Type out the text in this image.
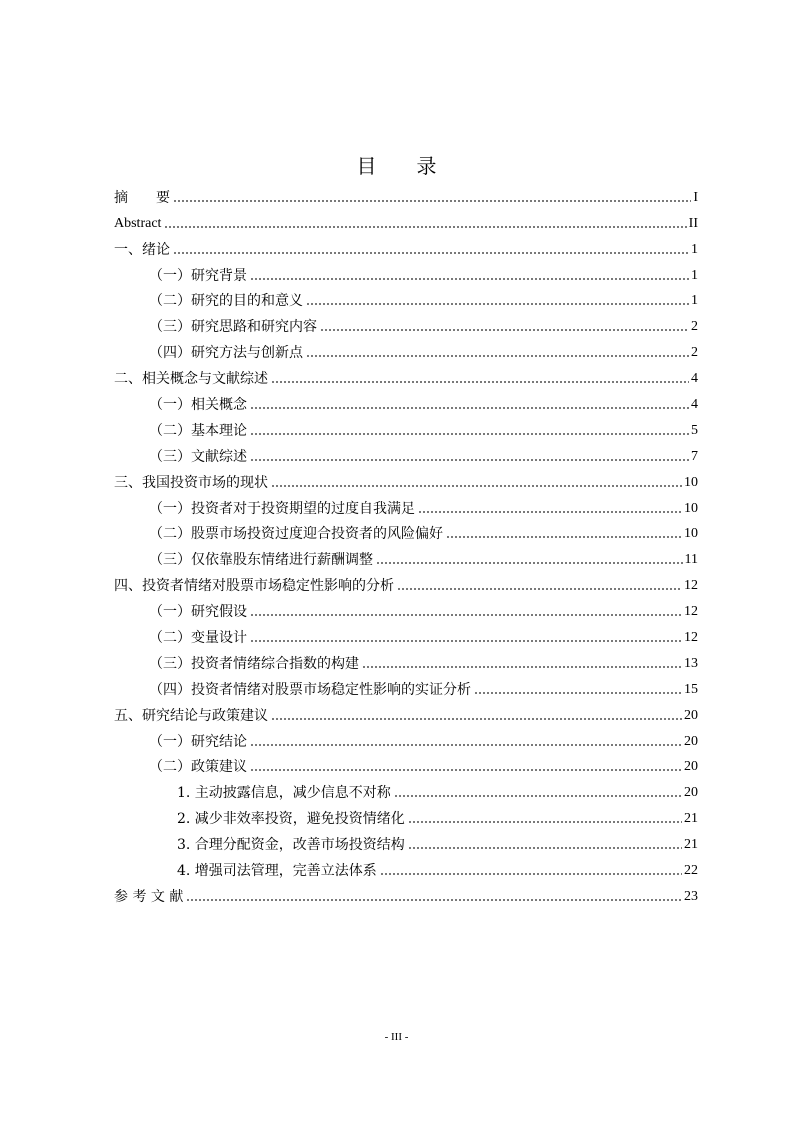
目　　录
摘　　要	I
Abstract	II
一、绪论	1
（一）研究背景	1
（二）研究的目的和意义	1
（三）研究思路和研究内容	2
（四）研究方法与创新点	2
二、相关概念与文献综述	4
（一）相关概念	4
（二）基本理论	5
（三）文献综述	7
三、我国投资市场的现状	10
（一）投资者对于投资期望的过度自我满足	10
（二）股票市场投资过度迎合投资者的风险偏好	10
（三）仅依靠股东情绪进行薪酬调整	11
四、投资者情绪对股票市场稳定性影响的分析	12
（一）研究假设	12
（二）变量设计	12
（三）投资者情绪综合指数的构建	13
（四）投资者情绪对股票市场稳定性影响的实证分析	15
五、研究结论与政策建议	20
（一）研究结论	20
（二）政策建议	20
1. 主动披露信息，减少信息不对称	20
2. 减少非效率投资，避免投资情绪化	21
3. 合理分配资金，改善市场投资结构	21
4. 增强司法管理，完善立法体系	22
参 考 文 献	23
- III -
